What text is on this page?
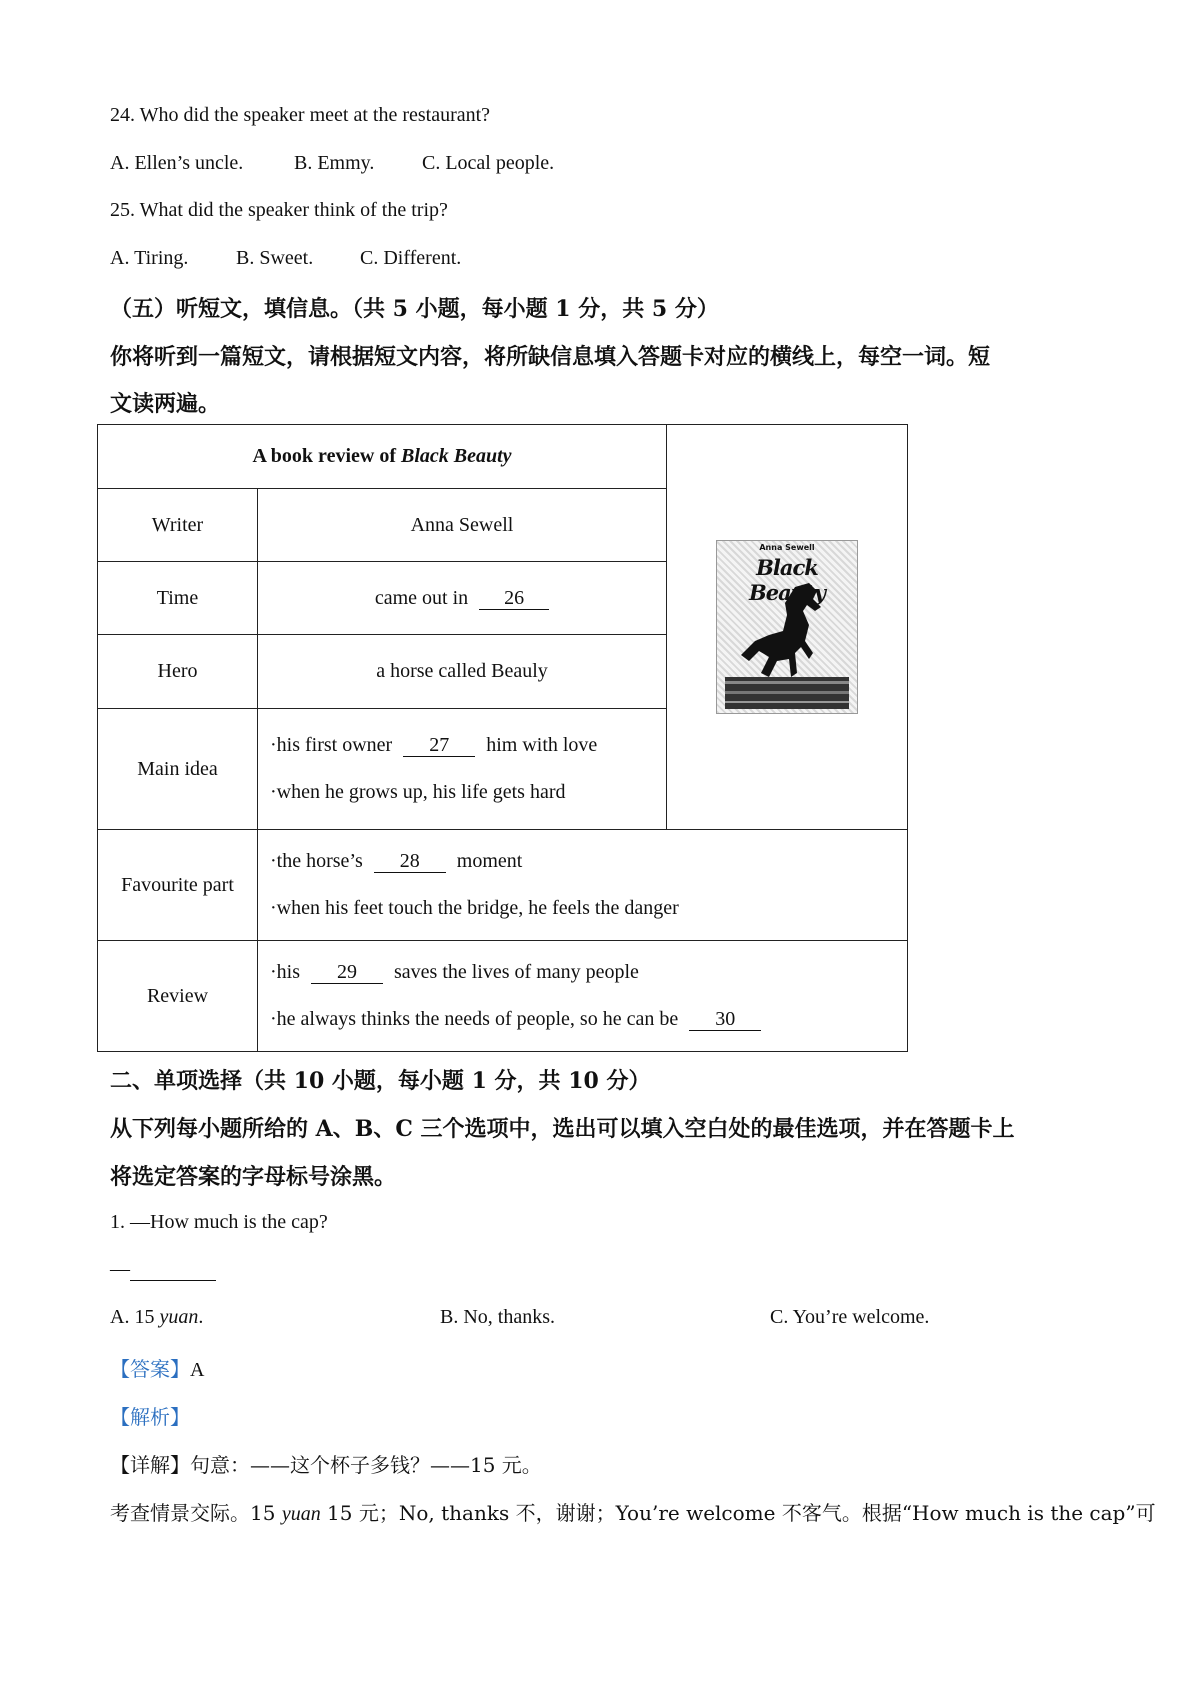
24. Who did the speaker meet at the restaurant?
A. Ellen’s uncle.	B. Emmy. C. Local people.
25. What did the speaker think of the trip?
A. Tiring. B. Sweet. C. Different.
（五）听短文，填信息。（共 5 小题，每小题 1 分，共 5 分）
你将听到一篇短文，请根据短文内容，将所缺信息填入答题卡对应的横线上，每空一词。短
文读两遍。
A book review of Black Beauty		Anna Sewell
Black Beauty

Writer	Anna Sewell	
Time	came out in 26	
Hero	a horse called Beauly	
Main idea	·his first owner 27 him with love
·when he grows up, his life gets hard	

Favourite part	·the horse’s 28 moment
·when his feet touch the bridge, he feels the danger	

Review	·his 29 saves the lives of many people
·he always thinks the needs of people, so he can be 30	
二、单项选择（共 10 小题，每小题 1 分，共 10 分）
从下列每小题所给的 A、B、C 三个选项中，选出可以填入空白处的最佳选项，并在答题卡上
将选定答案的字母标号涂黑。
1. —How much is the cap?
—
A. 15 yuan.	B. No, thanks.	C. You’re welcome.
【答案】A
【解析】
【详解】句意：——这个杯子多钱？——15 元。
考查情景交际。15 yuan 15 元；No, thanks 不，谢谢；You’re welcome 不客气。根据“How much is the cap”可
